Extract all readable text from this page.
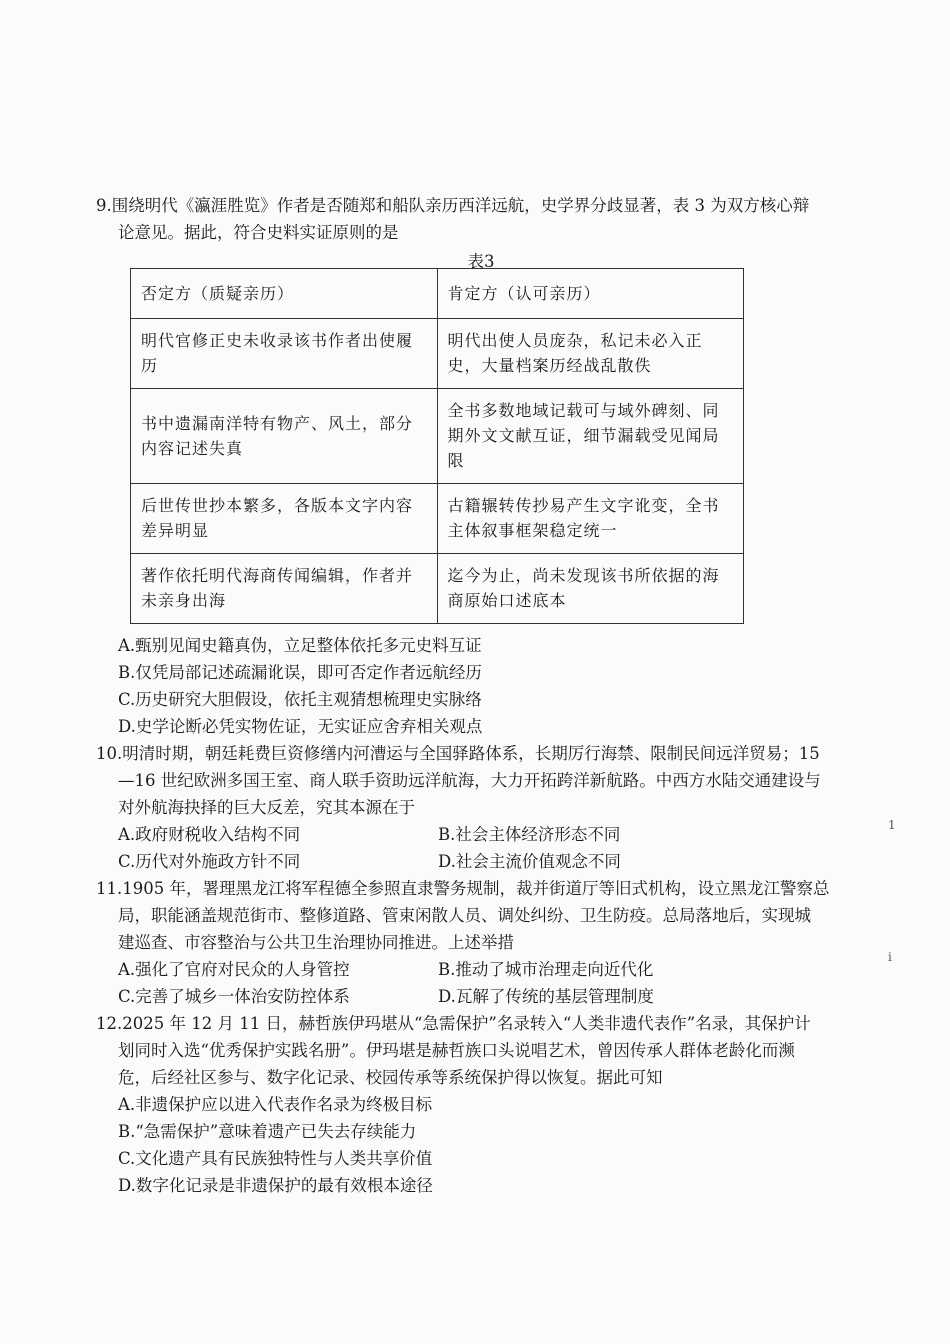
9.围绕明代《瀛涯胜览》作者是否随郑和船队亲历西洋远航，史学界分歧显著，表 3 为双方核心辩

论意见。据此，符合史料实证原则的是

表3

否定方（质疑亲历）	肯定方（认可亲历）
明代官修正史未收录该书作者出使履历	明代出使人员庞杂，私记未必入正史，大量档案历经战乱散佚
书中遗漏南洋特有物产、风土，部分内容记述失真	全书多数地域记载可与域外碑刻、同期外文文献互证，细节漏载受见闻局限
后世传世抄本繁多，各版本文字内容差异明显	古籍辗转传抄易产生文字讹变，全书主体叙事框架稳定统一
著作依托明代海商传闻编辑，作者并未亲身出海	迄今为止，尚未发现该书所依据的海商原始口述底本

A.甄别见闻史籍真伪，立足整体依托多元史料互证

B.仅凭局部记述疏漏讹误，即可否定作者远航经历

C.历史研究大胆假设，依托主观猜想梳理史实脉络

D.史学论断必凭实物佐证，无实证应舍弃相关观点

10.明清时期，朝廷耗费巨资修缮内河漕运与全国驿路体系，长期厉行海禁、限制民间远洋贸易；15

—16 世纪欧洲多国王室、商人联手资助远洋航海，大力开拓跨洋新航路。中西方水陆交通建设与

对外航海抉择的巨大反差，究其本源在于

A.政府财税收入结构不同	B.社会主体经济形态不同
C.历代对外施政方针不同	D.社会主流价值观念不同

11.1905 年，署理黑龙江将军程德全参照直隶警务规制，裁并街道厅等旧式机构，设立黑龙江警察总

局，职能涵盖规范街市、整修道路、管束闲散人员、调处纠纷、卫生防疫。总局落地后，实现城

建巡查、市容整治与公共卫生治理协同推进。上述举措

A.强化了官府对民众的人身管控	B.推动了城市治理走向近代化
C.完善了城乡一体治安防控体系	D.瓦解了传统的基层管理制度

12.2025 年 12 月 11 日，赫哲族伊玛堪从“急需保护”名录转入“人类非遗代表作”名录，其保护计

划同时入选“优秀保护实践名册”。伊玛堪是赫哲族口头说唱艺术，曾因传承人群体老龄化而濒

危，后经社区参与、数字化记录、校园传承等系统保护得以恢复。据此可知

A.非遗保护应以进入代表作名录为终极目标

B.“急需保护”意味着遗产已失去存续能力

C.文化遗产具有民族独特性与人类共享价值

D.数字化记录是非遗保护的最有效根本途径

1
i
